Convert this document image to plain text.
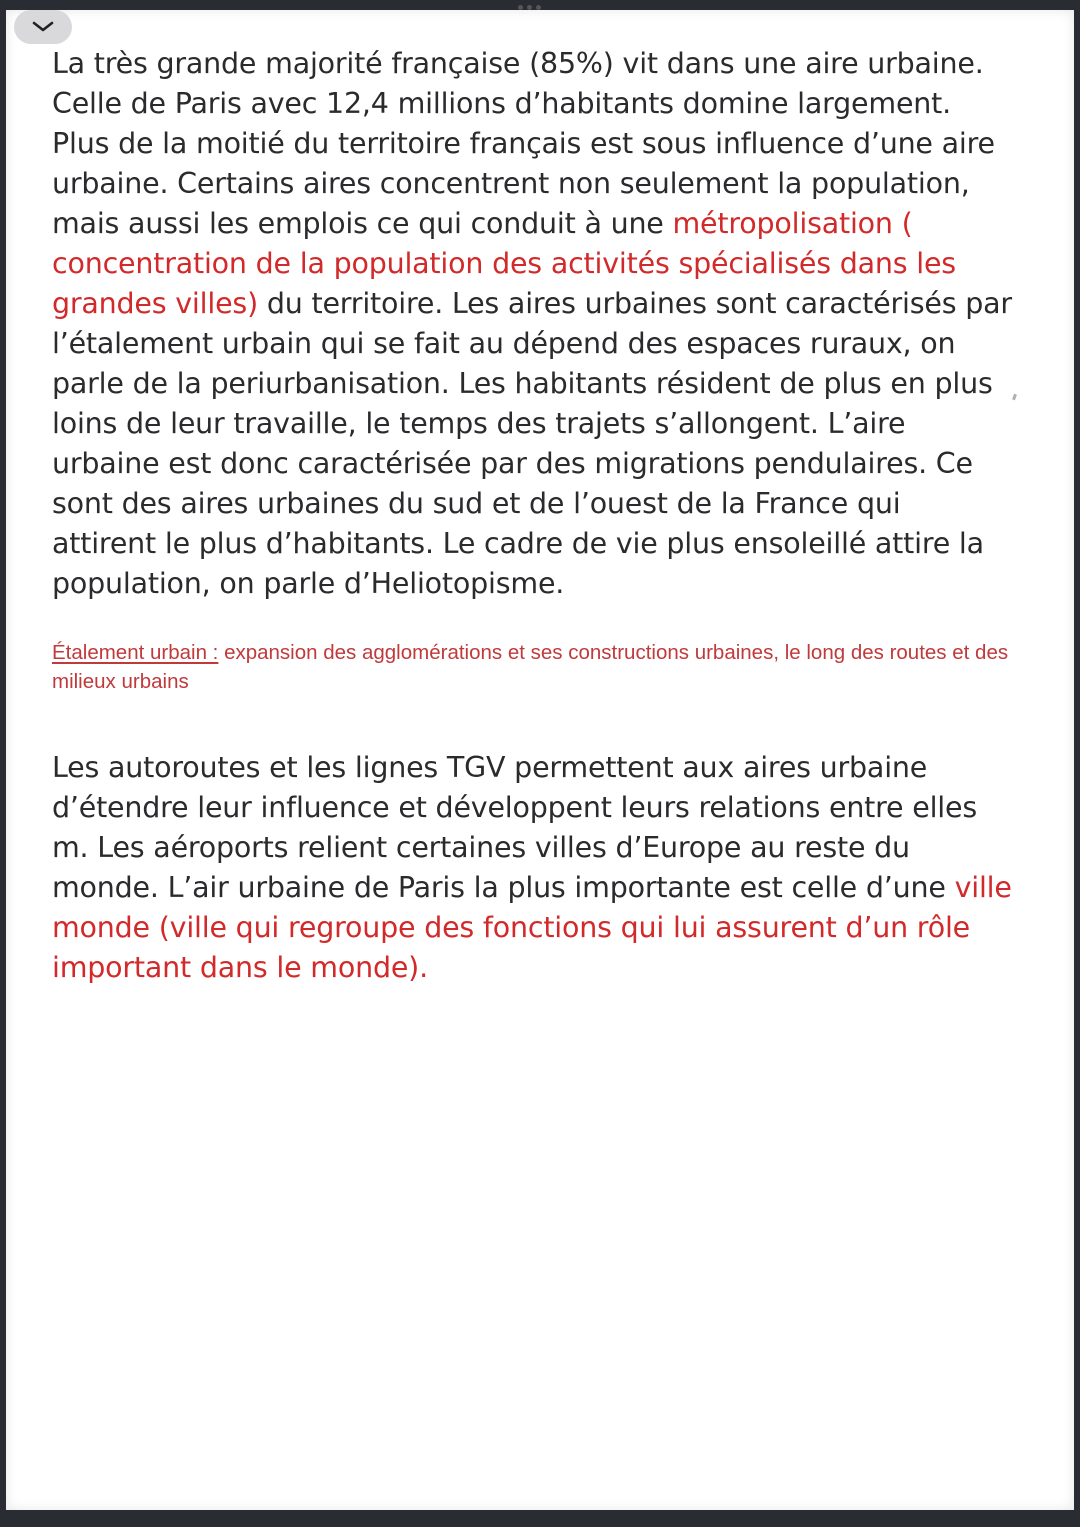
La très grande majorité française (85%) vit dans une aire urbaine. Celle de Paris avec 12,4 millions d’habitants domine largement. Plus de la moitié du territoire français est sous influence d’une aire urbaine. Certains aires concentrent non seulement la population, mais aussi les emplois ce qui conduit à une métropolisation ( concentration de la population des activités spécialisés dans les grandes villes) du territoire. Les aires urbaines sont caractérisés par l’étalement urbain qui se fait au dépend des espaces ruraux, on parle de la periurbanisation. Les habitants résident de plus en plus loins de leur travaille, le temps des trajets s’allongent. L’aire urbaine est donc caractérisée par des migrations pendulaires. Ce sont des aires urbaines du sud et de l’ouest de la France qui attirent le plus d’habitants. Le cadre de vie plus ensoleillé attire la population, on parle d’Heliotopisme.

Étalement urbain : expansion des agglomérations et ses constructions urbaines, le long des routes et des milieux urbains

Les autoroutes et les lignes TGV permettent aux aires urbaine d’étendre leur influence et développent leurs relations entre elles m. Les aéroports relient certaines villes d’Europe au reste du monde. L’air urbaine de Paris la plus importante est celle d’une ville monde (ville qui regroupe des fonctions qui lui assurent d’un rôle important dans le monde).
